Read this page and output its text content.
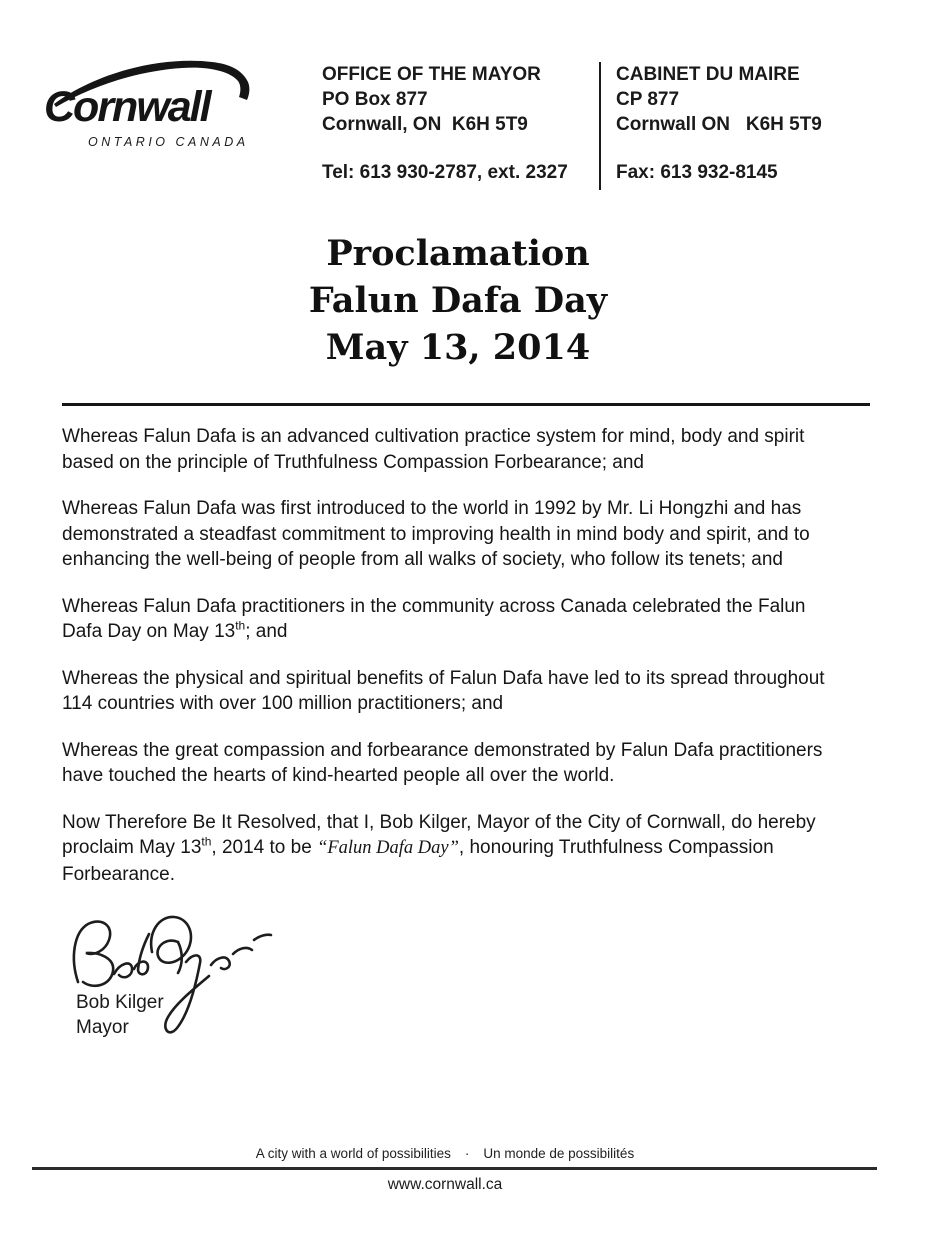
Cornwall
ONTARIO CANADA
OFFICE OF THE MAYOR
PO Box 877
Cornwall, ON  K6H 5T9
Tel: 613 930-2787, ext. 2327
CABINET DU MAIRE
CP 877
Cornwall ON   K6H 5T9
Fax: 613 932-8145
Proclamation
Falun Dafa Day
May 13, 2014

Whereas Falun Dafa is an advanced cultivation practice system for mind, body and spirit based on the principle of Truthfulness Compassion Forbearance; and

Whereas Falun Dafa was first introduced to the world in 1992 by Mr. Li Hongzhi and has demonstrated a steadfast commitment to improving health in mind body and spirit, and to enhancing the well-being of people from all walks of society, who follow its tenets; and

Whereas Falun Dafa practitioners in the community across Canada celebrated the Falun Dafa Day on May 13th; and

Whereas the physical and spiritual benefits of Falun Dafa have led to its spread throughout 114 countries with over 100 million practitioners; and

Whereas the great compassion and forbearance demonstrated by Falun Dafa practitioners have touched the hearts of kind-hearted people all over the world.

Now Therefore Be It Resolved, that I, Bob Kilger, Mayor of the City of Cornwall, do hereby proclaim May 13th, 2014 to be “Falun Dafa Day”, honouring Truthfulness Compassion Forbearance.

Bob Kilger
Mayor
A city with a world of possibilities · Un monde de possibilités
www.cornwall.ca
